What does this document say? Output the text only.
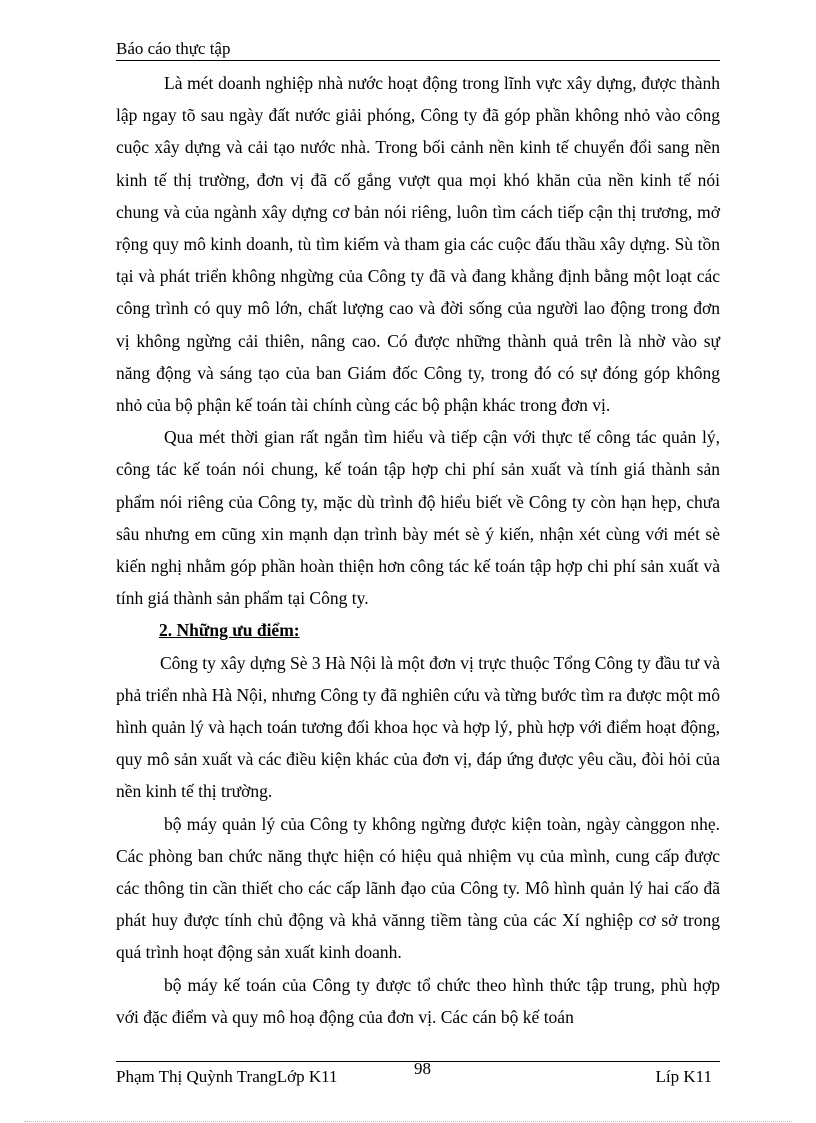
Báo cáo thực tập

Là mét doanh nghiệp nhà nước hoạt động trong lĩnh vực xây dựng, được thành lập ngay tõ sau ngày đất nước giải phóng, Công ty đã góp phần không nhỏ vào công cuộc xây dựng và cải tạo nước nhà. Trong bối cảnh nền kinh tế chuyển đổi sang nền kinh tế thị trường, đơn vị đã cố gắng vượt qua mọi khó khăn của nền kinh tế nói chung và của ngành xây dựng cơ bản nói riêng, luôn tìm cách tiếp cận thị trương, mở rộng quy mô kinh doanh, tù tìm kiếm và tham gia các cuộc đấu thầu xây dựng. Sù tồn tại và phát triển không nhgừng của Công ty đã và đang khẳng định bằng một loạt các công trình có quy mô lớn, chất lượng cao và đời sống của người lao động trong đơn vị không ngừng cải thiên, nâng cao. Có được những thành quả trên là nhờ vào sự năng động và sáng tạo của ban Giám đốc Công ty, trong đó có sự đóng góp không nhỏ của bộ phận kế toán tài chính cùng các bộ phận khác trong đơn vị.

Qua mét thời gian rất ngắn tìm hiểu và tiếp cận với thực tế công tác quản lý, công tác kế toán nói chung, kế toán tập hợp chi phí sản xuất và tính giá thành sản phẩm nói riêng của Công ty, mặc dù trình độ hiểu biết về Công ty còn hạn hẹp, chưa sâu nhưng em cũng xin mạnh dạn trình bày mét sè ý kiến, nhận xét cùng với mét sè kiến nghị nhằm góp phần hoàn thiện hơn công tác kế toán tập hợp chi phí sản xuất và tính giá thành sản phẩm tại Công ty.

2. Những ưu điểm:

Công ty xây dựng Sè 3 Hà Nội là một đơn vị trực thuộc Tổng Công ty đầu tư và phả triển nhà Hà Nội, nhưng Công ty đã nghiên cứu và từng bước tìm ra được một mô hình quản lý và hạch toán tương đối khoa học và hợp lý, phù hợp với điểm hoạt động, quy mô sản xuất và các điều kiện khác của đơn vị, đáp ứng được yêu cầu, đòi hỏi của nền kinh tế thị trường.

bộ máy quản lý của Công ty không ngừng được kiện toàn, ngày cànggon nhẹ. Các phòng ban chức năng thực hiện có hiệu quả nhiệm vụ của mình, cung cấp được các thông tin cần thiết cho các cấp lãnh đạo của Công ty. Mô hình quản lý hai cấo đã phát huy được tính chủ động và khả vănng tiềm tàng của các Xí nghiệp cơ sở trong quá trình hoạt động sản xuất kinh doanh.

bộ máy kế toán của Công ty được tổ chức theo hình thức tập trung, phù hợp với đặc điểm và quy mô hoạ động của đơn vị. Các cán bộ kế toán

Phạm Thị Quỳnh TrangLớp K11	98	Líp K11
